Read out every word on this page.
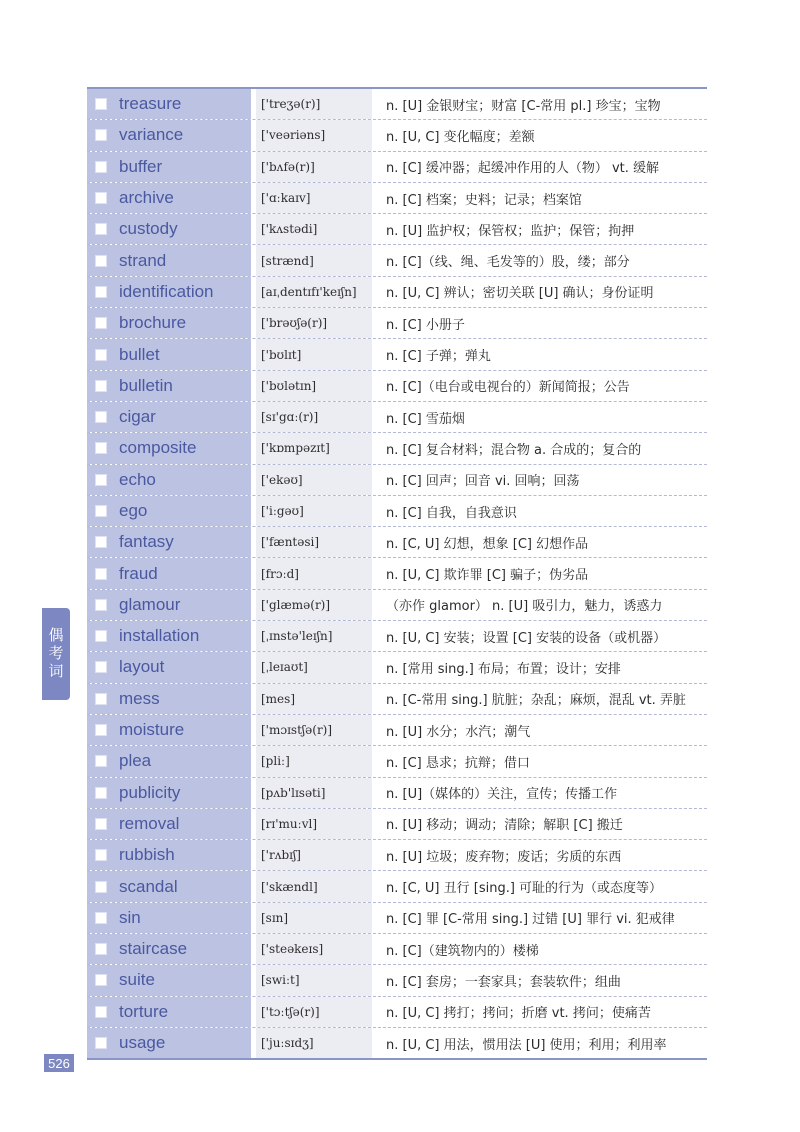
treasure	['treʒə(r)]	n. [U] 金银财宝；财富 [C-常用 pl.] 珍宝；宝物
variance	['veəriəns]	n. [U, C] 变化幅度；差额
buffer	['bʌfə(r)]	n. [C] 缓冲器；起缓冲作用的人（物） vt. 缓解
archive	['ɑːkaɪv]	n. [C] 档案；史料；记录；档案馆
custody	['kʌstədi]	n. [U] 监护权；保管权；监护；保管；拘押
strand	[strænd]	n. [C]（线、绳、毛发等的）股，缕；部分
identification	[aɪˌdentɪfɪ'keɪʃn] n. [U, C] 辨认；密切关联 [U] 确认；身份证明
brochure	['brəʊʃə(r)]	n. [C] 小册子
bullet	['bʊlɪt]	n. [C] 子弹；弹丸
bulletin	['bʊlətɪn]	n. [C]（电台或电视台的）新闻简报；公告
cigar	[sɪ'gɑː(r)]	n. [C] 雪茄烟
composite	['kɒmpəzɪt]	n. [C] 复合材料；混合物 a. 合成的；复合的
echo	['ekəʊ]	n. [C] 回声；回音 vi. 回响；回荡
ego	['iːgəʊ]	n. [C] 自我，自我意识
fantasy	['fæntəsi]	n. [C, U] 幻想，想象 [C] 幻想作品
fraud	[frɔːd]	n. [U, C] 欺诈罪 [C] 骗子；伪劣品
glamour	['glæmə(r)]	（亦作 glamor） n. [U] 吸引力，魅力，诱惑力
installation	[ˌɪnstə'leɪʃn]	n. [U, C] 安装；设置 [C] 安装的设备（或机器）
layout	[ˌleɪaʊt]	n. [常用 sing.] 布局；布置；设计；安排
mess	[mes]	n. [C-常用 sing.] 肮脏；杂乱；麻烦，混乱 vt. 弄脏
moisture	['mɔɪstʃə(r)]	n. [U] 水分；水汽；潮气
plea	[pliː]	n. [C] 恳求；抗辩；借口
publicity	[pʌb'lɪsəti]	n. [U]（媒体的）关注，宣传；传播工作
removal	[rɪ'muːvl]	n. [U] 移动；调动；清除；解职 [C] 搬迁
rubbish	['rʌbɪʃ]	n. [U] 垃圾；废弃物；废话；劣质的东西
scandal	['skændl]	n. [C, U] 丑行 [sing.] 可耻的行为（或态度等）
sin	[sɪn]	n. [C] 罪 [C-常用 sing.] 过错 [U] 罪行 vi. 犯戒律
staircase	['steəkeɪs]	n. [C]（建筑物内的）楼梯
suite	[swiːt]	n. [C] 套房；一套家具；套装软件；组曲
torture	['tɔːtʃə(r)]	n. [U, C] 拷打；拷问；折磨 vt. 拷问；使痛苦
usage	['juːsɪdʒ]	n. [U, C] 用法，惯用法 [U] 使用；利用；利用率
偶考词
526
